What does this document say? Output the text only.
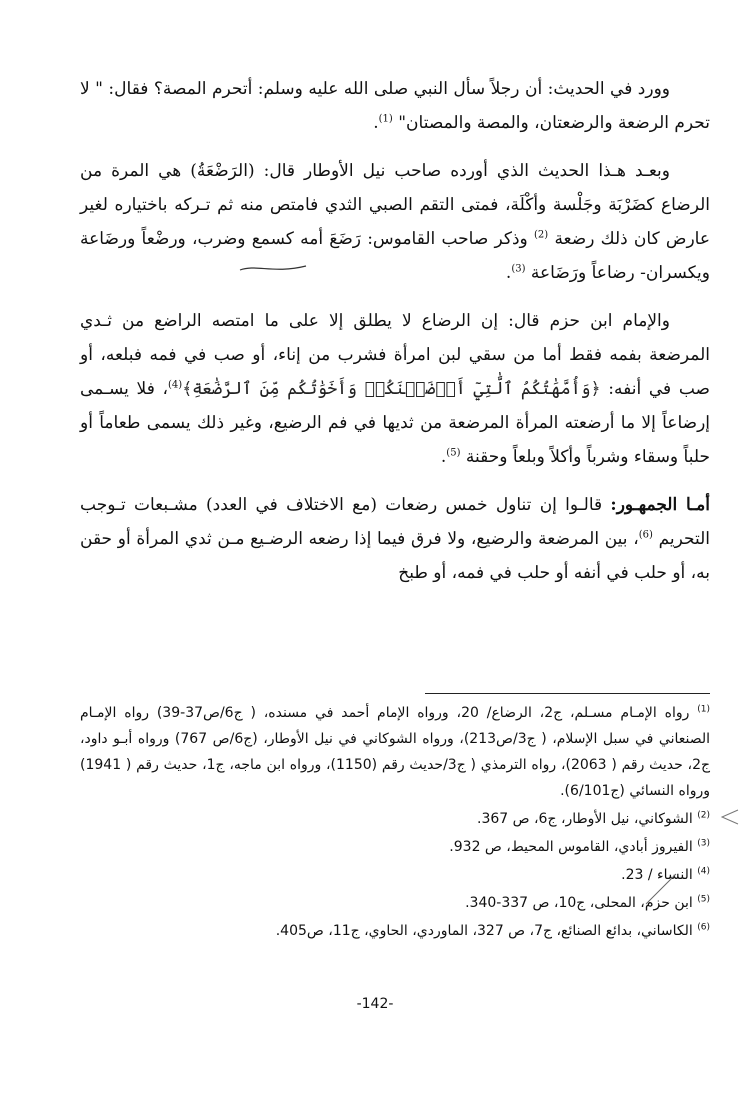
وورد في الحديث: أن رجلاً سأل النبي صلى الله عليه وسلم: أتحرم المصة؟ فقال: " لا تحرم الرضعة والرضعتان، والمصة والمصتان" $^{(1)}$.

وبعـد هـذا الحديث الذي أورده صاحب نيل الأوطار قال: (الرَضْعَةُ) هي المرة من الرضاع كضَرْبَة وجَلْسة وأكْلَة، فمتى التقم الصبي الثدي فامتص منه ثم تـركه باختياره لغير عارض كان ذلك رضعة $^{(2)}$ وذكر صاحب القاموس: رَضَعَ أمه كسمع وضرب، ورضْعاً ورضَاعة ويكسران- رضاعاً ورَضَاعة $^{(3)}$.

والإمام ابن حزم قال: إن الرضاع لا يطلق إلا على ما امتصه الراضع من ثـدي المرضعة بفمه فقط أما من سقي لبن امرأة فشرب من إناء، أو صب في فمه فبلعه، أو صب في أنفه: ﴿وَأُمَّهَٰتُكُمُ ٱلَّٰتِيٓ أَرۡضَعۡنَكُمۡ وَأَخَوَٰتُكُم مِّنَ ٱلرَّضَٰعَةِ﴾$^{(4)}$، فلا يسـمى إرضاعاً إلا ما أرضعته المرأة المرضعة من ثديها في فم الرضيع، وغير ذلك يسمى طعاماً أو حلباً وسقاء وشرباً وأكلاً وبلعاً وحقنة $^{(5)}$.

أمـا الجمهـور: قالـوا إن تناول خمس رضعات (مع الاختلاف في العدد) مشـبعات تـوجب التحريم $^{(6)}$، بين المرضعة والرضيع، ولا فرق فيما إذا رضعه الرضـيع مـن ثدي المرأة أو حقن به، أو حلب في أنفه أو حلب في فمه، أو طبخ

$^{(1)}$ رواه الإمـام مسـلم، ج2، الرضاع/ 20، ورواه الإمام أحمد في مسنده، ( ج6/ص37-39) رواه الإمـام الصنعاني في سبل الإسلام، ( ج3/ص213)، ورواه الشوكاني في نيل الأوطار، (ج6/ص 767) ورواه أبـو داود، ج2، حديث رقم ( 2063)، رواه الترمذي ( ج3/حديث رقم (1150)، ورواه ابن ماجه، ج1، حديث رقم ( 1941) ورواه النسائي (ج6/101).
$^{(2)}$ الشوكاني، نيل الأوطار، ج6، ص 367.
$^{(3)}$ الفيروز أبادي، القاموس المحيط، ص 932.
$^{(4)}$ النساء / 23.
$^{(5)}$ ابن حزم، المحلى، ج10، ص 337-340.
$^{(6)}$ الكاساني، بدائع الصنائع، ج7، ص 327، الماوردي، الحاوي، ج11، ص405.
-142-
